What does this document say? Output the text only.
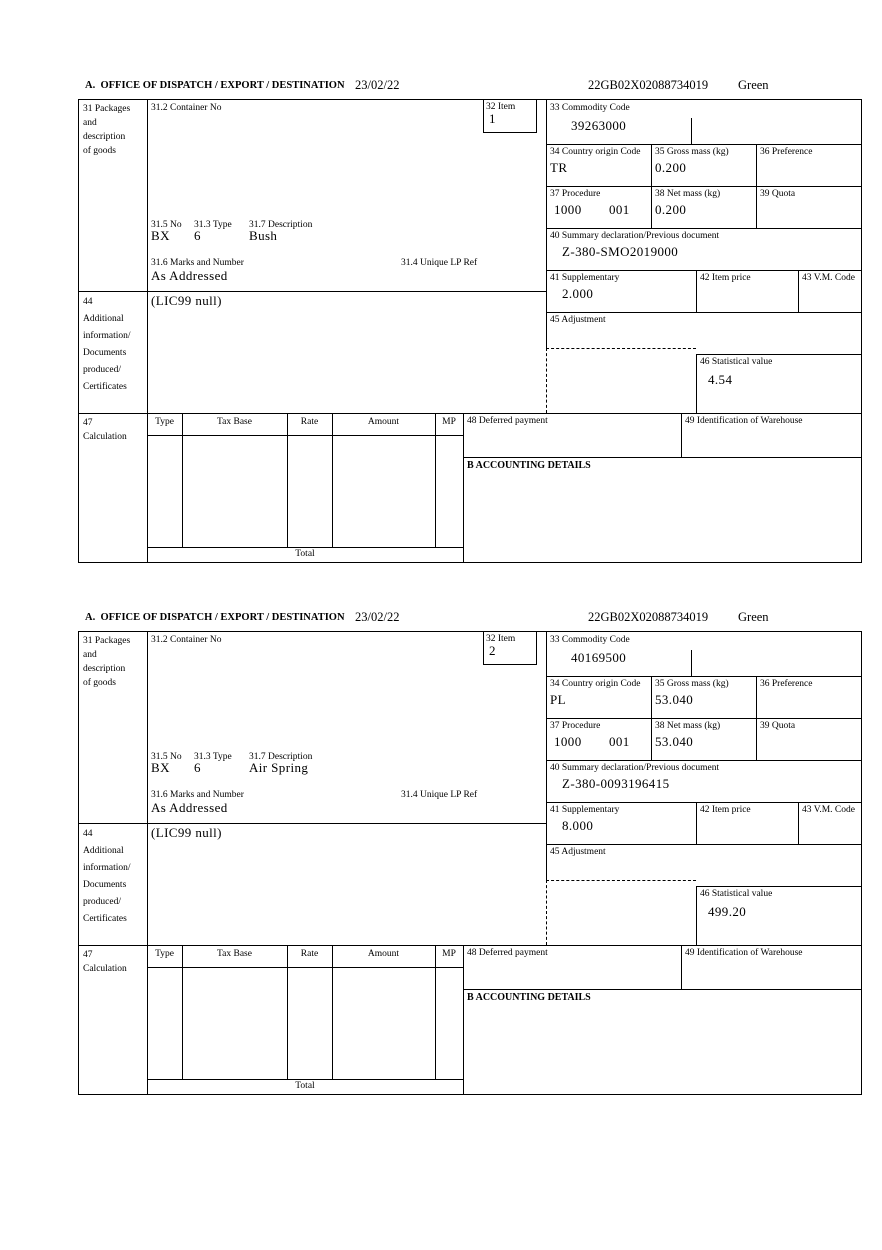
A.  OFFICE OF DISPATCH / EXPORT / DESTINATION 23/02/22	22GB02X02088734019 Green
31 Packages
and
description
of goods
44
Additional
information/
Documents
produced/
Certificates
47
Calculation
31.2 Container No
31.5 No 31.3 Type 31.7 Description
BX 6	Bush
31.6 Marks and Number	31.4 Unique LP Ref
As Addressed
(LIC99 null)
32 Item
1
33 Commodity Code
39263000
34 Country origin Code
TR
35 Gross mass (kg)
0.200
36 Preference
37 Procedure
1000 001
38 Net mass (kg)
0.200
39 Quota
40 Summary declaration/Previous document
Z-380-SMO2019000
41 Supplementary
2.000
42 Item price	43 V.M. Code
45 Adjustment
46 Statistical value
4.54
Type	Tax Base	Rate	Amount	MP
Total
48 Deferred payment	49 Identification of Warehouse
B ACCOUNTING DETAILS
A.  OFFICE OF DISPATCH / EXPORT / DESTINATION 23/02/22	22GB02X02088734019 Green
31 Packages
and
description
of goods
44
Additional
information/
Documents
produced/
Certificates
47
Calculation
31.2 Container No
31.5 No 31.3 Type 31.7 Description
BX 6	Air Spring
31.6 Marks and Number	31.4 Unique LP Ref
As Addressed
(LIC99 null)
32 Item
2
33 Commodity Code
40169500
34 Country origin Code
PL
35 Gross mass (kg)
53.040
36 Preference
37 Procedure
1000 001
38 Net mass (kg)
53.040
39 Quota
40 Summary declaration/Previous document
Z-380-0093196415
41 Supplementary
8.000
42 Item price	43 V.M. Code
45 Adjustment
46 Statistical value
499.20
Type	Tax Base	Rate	Amount	MP
Total
48 Deferred payment	49 Identification of Warehouse
B ACCOUNTING DETAILS
